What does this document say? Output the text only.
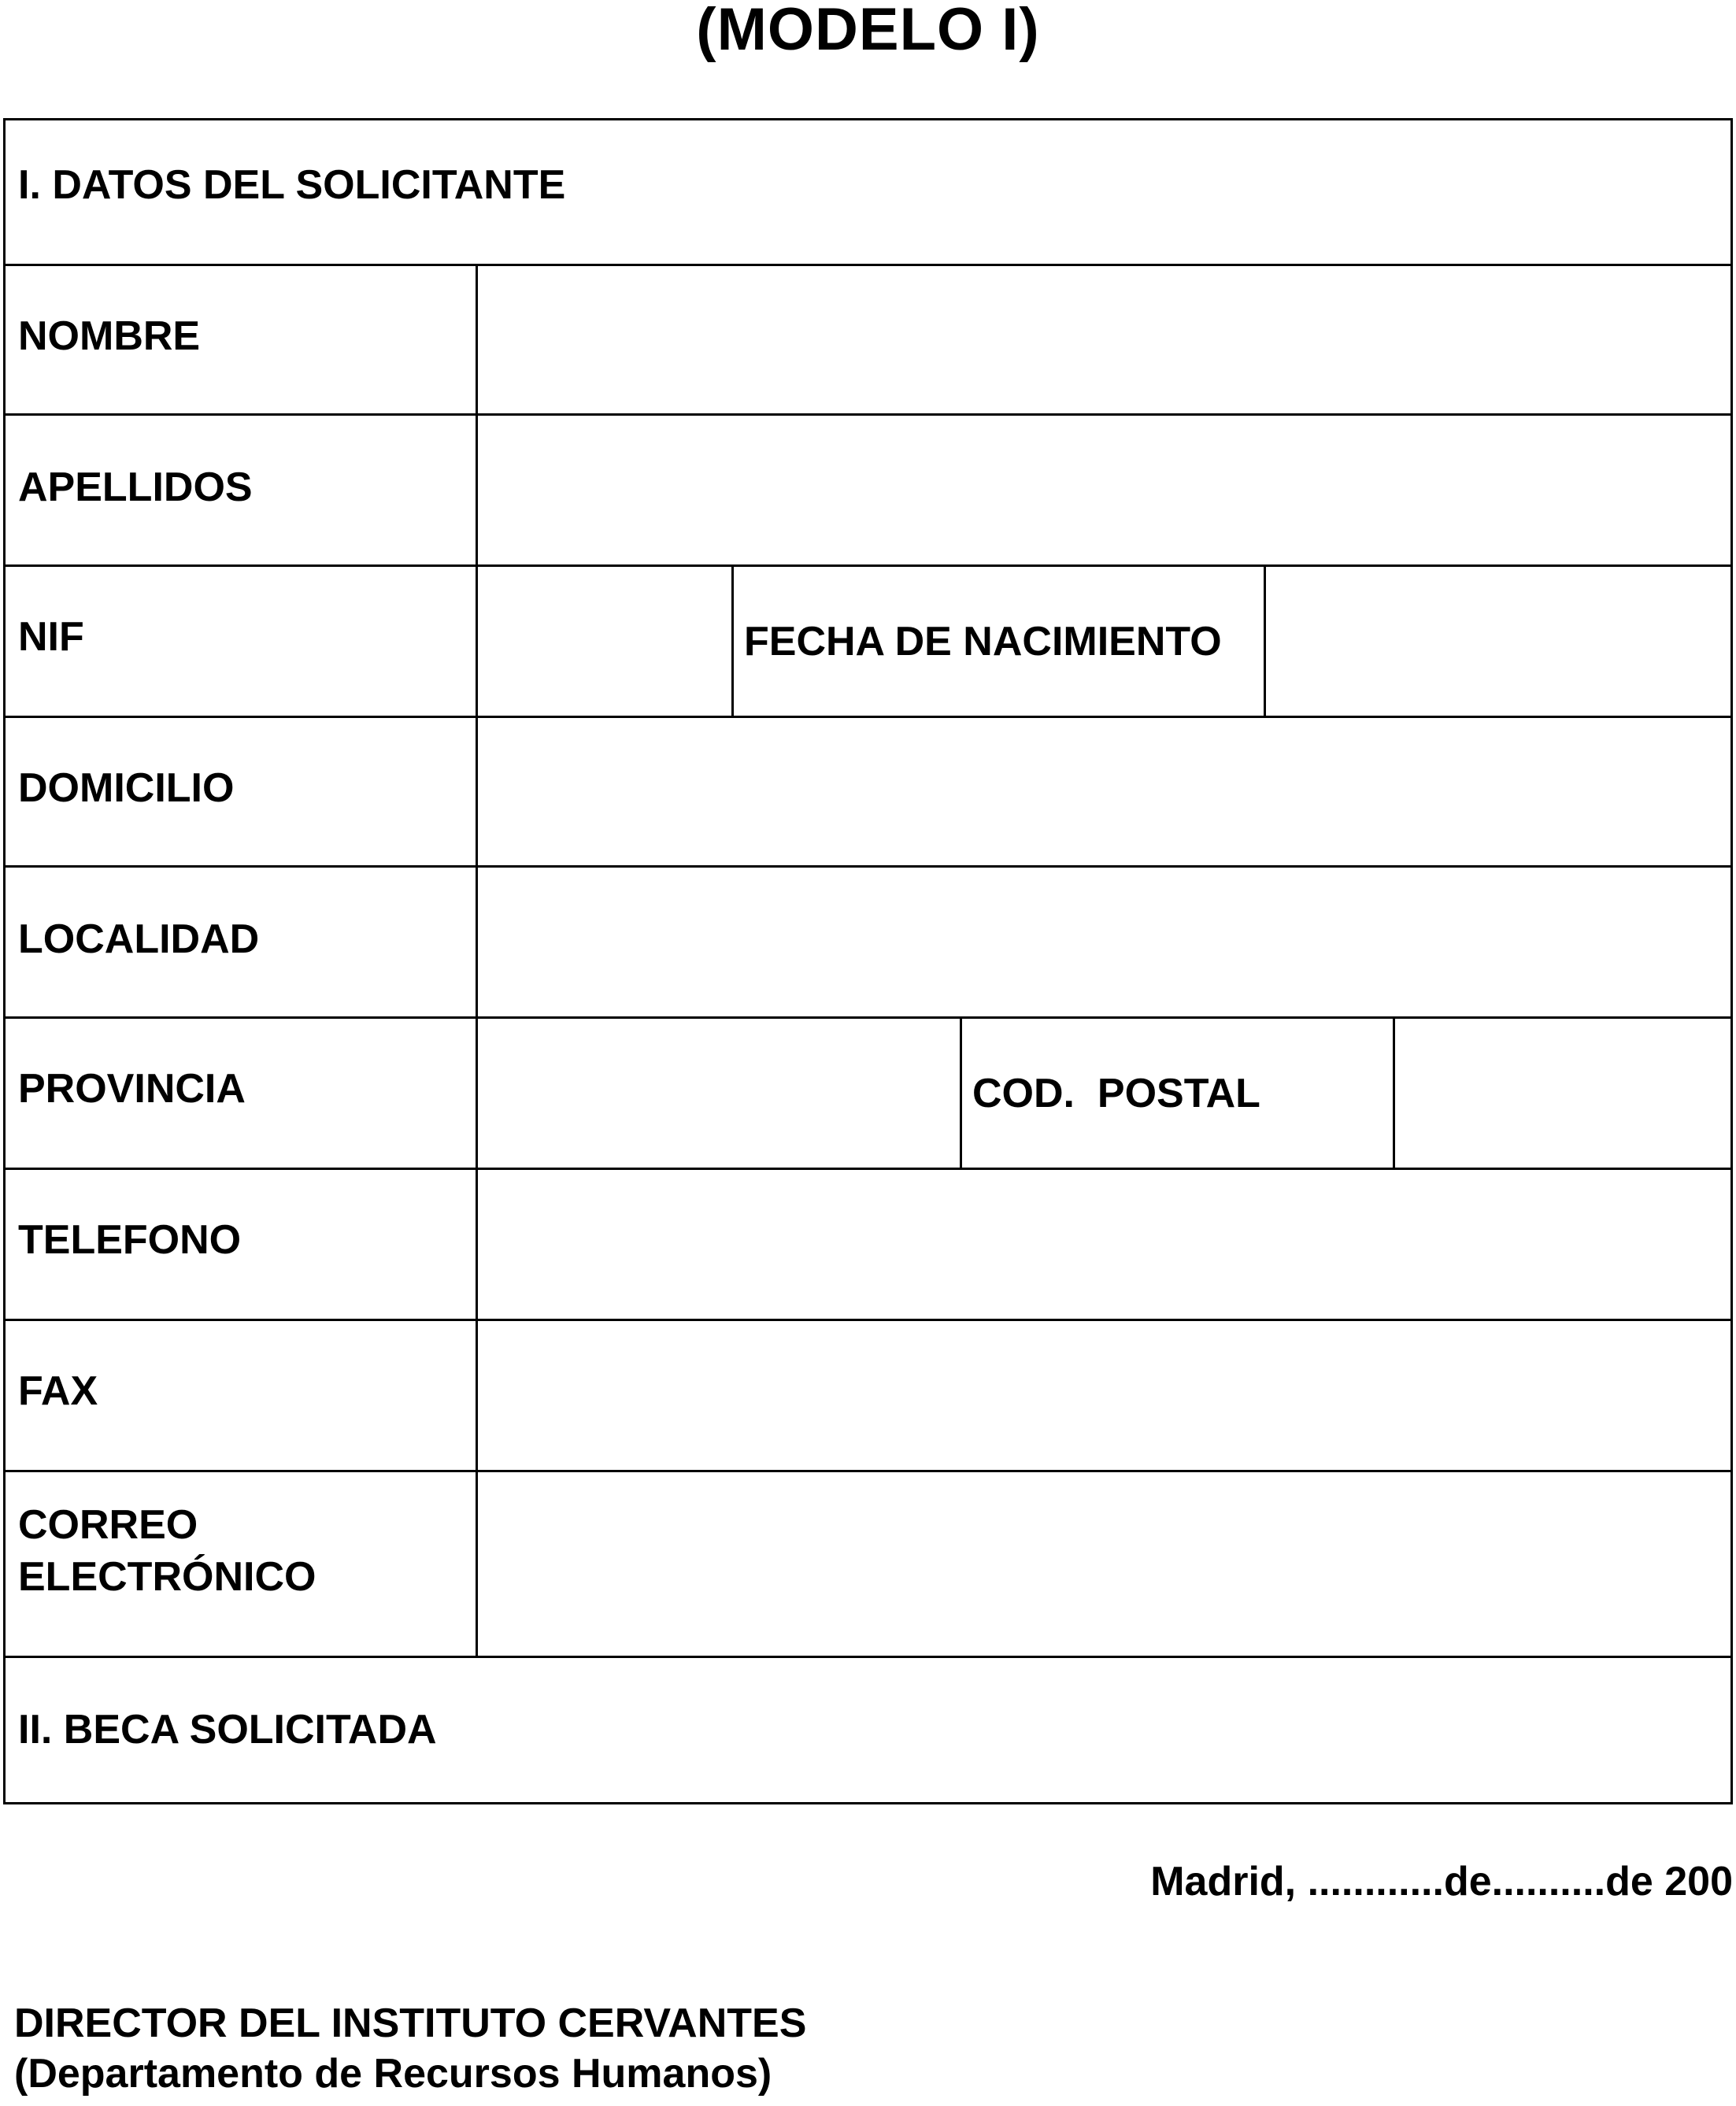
(MODELO I)
I. DATOS DEL SOLICITANTE
NOMBRE
APELLIDOS
NIF	FECHA DE NACIMIENTO
DOMICILIO
LOCALIDAD
PROVINCIA	COD.  POSTAL
TELEFONO
FAX
CORREO
ELECTRÓNICO
II. BECA SOLICITADA
Madrid, ............de..........de 200
DIRECTOR DEL INSTITUTO CERVANTES
(Departamento de Recursos Humanos)
